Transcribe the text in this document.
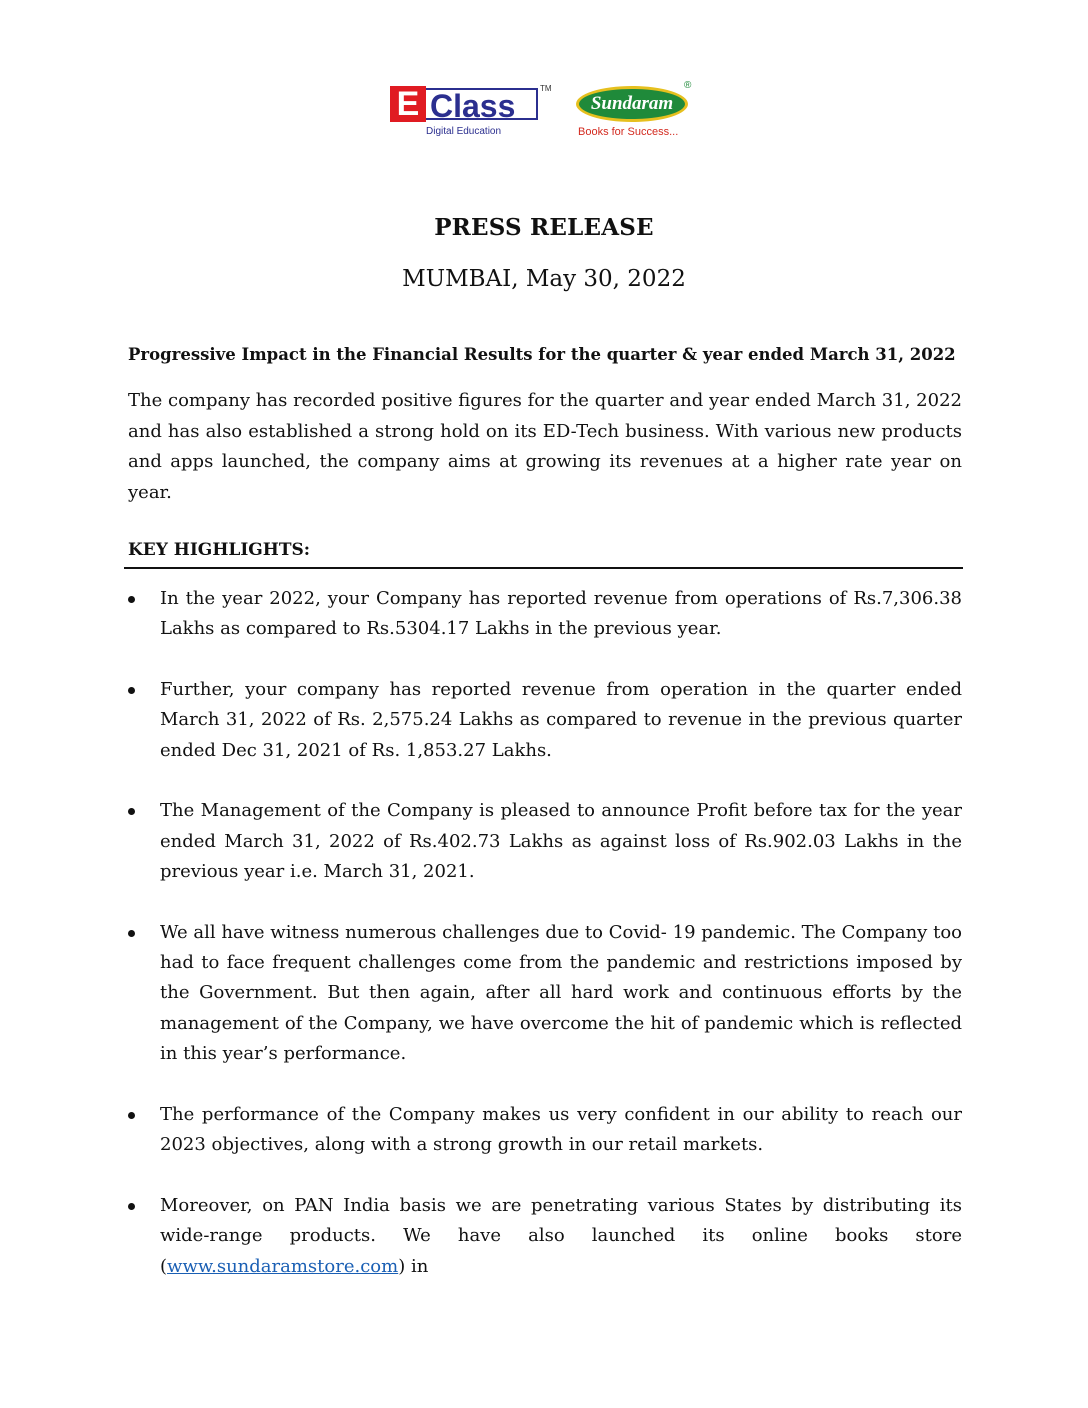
E Class	TM
Digital Education
Sundaram
®
Books for Success...
PRESS RELEASE
MUMBAI, May 30, 2022
Progressive Impact in the Financial Results for the quarter & year ended March 31, 2022
The company has recorded positive figures for the quarter and year ended March 31, 2022 and has also established a strong hold on its ED-Tech business. With various new products and apps launched, the company aims at growing its revenues at a higher rate year on year.
KEY HIGHLIGHTS:
In the year 2022, your Company has reported revenue from operations of Rs.7,306.38 Lakhs as compared to Rs.5304.17 Lakhs in the previous year.
Further, your company has reported revenue from operation in the quarter ended March 31, 2022 of Rs. 2,575.24 Lakhs as compared to revenue in the previous quarter ended Dec 31, 2021 of Rs. 1,853.27 Lakhs.
The Management of the Company is pleased to announce Profit before tax for the year ended March 31, 2022 of Rs.402.73 Lakhs as against loss of Rs.902.03 Lakhs in the previous year i.e. March 31, 2021.
We all have witness numerous challenges due to Covid- 19 pandemic. The Company too had to face frequent challenges come from the pandemic and restrictions imposed by the Government. But then again, after all hard work and continuous efforts by the management of the Company, we have overcome the hit of pandemic which is reflected in this year’s performance.
The performance of the Company makes us very confident in our ability to reach our 2023 objectives, along with a strong growth in our retail markets.
Moreover, on PAN India basis we are penetrating various States by distributing its wide-range products. We have also launched its online books store (www.sundaramstore.com) in
